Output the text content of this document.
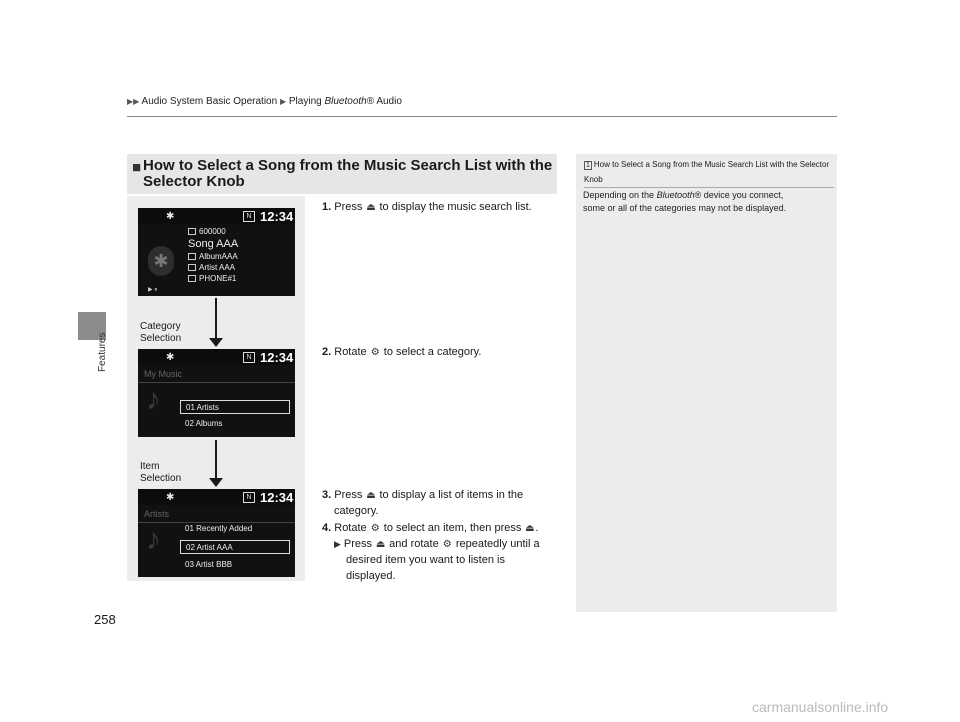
Features
▶▶ Audio System Basic Operation ▶ Playing Bluetooth® Audio
■ How to Select a Song from the Music Search List with the Selector Knob
✱	N 12:34
✱
600000
Song AAA
AlbumAAA
Artist AAA
PHONE#1
▶ ⏸
✱	N 12:34
My Music
♪	01 Artists
02 Albums
✱	N 12:34
Artists
♪	01 Recently Added
02 Artist AAA
03 Artist BBB
Category
Selection
Item
Selection
1. Press ⏏ to display the music search list.
2. Rotate ⚙ to select a category.
3. Press ⏏ to display a list of items in the
category.
4. Rotate ⚙ to select an item, then press ⏏.
▶ Press ⏏ and rotate ⚙ repeatedly until a
desired item you want to listen is
displayed.
1 How to Select a Song from the Music Search List with the Selector
Knob
Depending on the Bluetooth® device you connect,
some or all of the categories may not be displayed.
258
carmanualsonline.info
